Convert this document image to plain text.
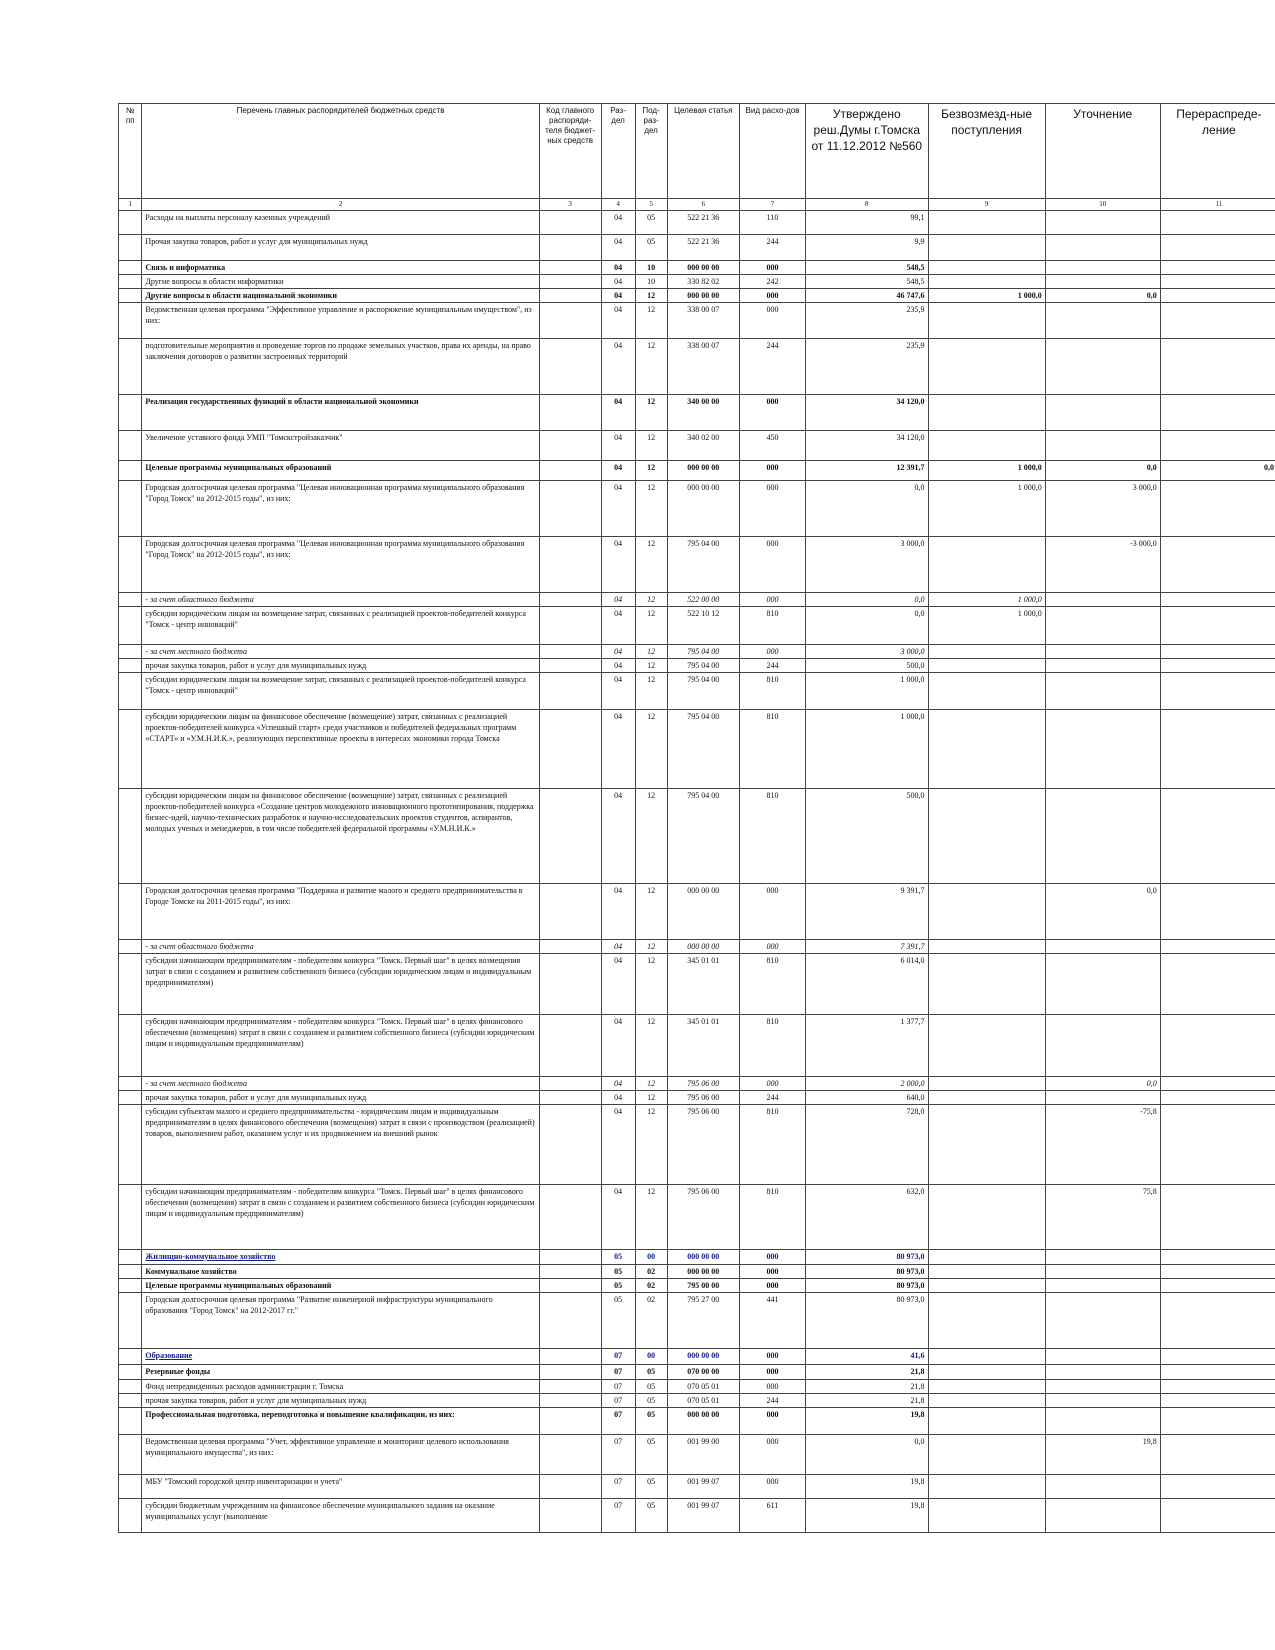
№ пп	Перечень главных распорядителей бюджетных средств	Код главного распоряди-теля бюджет-ных средств	Раз-дел	Под-раз-дел	Целевая статья	Вид расхо-дов	Утверждено реш.Думы г.Томска от 11.12.2012 №560	Безвозмезд-ные поступления	Уточнение	Перераспреде-ление
1	2	3	4	5	6	7	8	9	10	11
	Расходы на выплаты персоналу казенных учреждений		04	05	522 21 36	110	99,1			
	Прочая закупка товаров, работ и услуг для муниципальных нужд		04	05	522 21 36	244	9,9			
	Связь и информатика		04	10	000 00 00	000	548,5			
	Другие вопросы в области информатики		04	10	330 82 02	242	548,5			
	Другие вопросы в области национальной экономики		04	12	000 00 00	000	46 747,6	1 000,0	0,0	
	Ведомственная целевая программа "Эффективное управление и распоряжение муниципальным имуществом", из них:		04	12	338 00 07	000	235,9			
	подготовительные мероприятия и проведение торгов по продаже земельных участков, права их аренды, на право заключения договоров о развитии застроенных территорий		04	12	338 00 07	244	235,9			
	Реализация государственных функций в области национальной экономики		04	12	340 00 00	000	34 120,0			
	Увеличение уставного фонда УМП "Томскстройзаказчик"		04	12	340 02 00	450	34 120,0			
	Целевые программы муниципальных образований		04	12	000 00 00	000	12 391,7	1 000,0	0,0	0,0
	Городская долгосрочная целевая программа "Целевая инновационная программа муниципального образования "Город Томск" на 2012-2015 годы", из них:		04	12	000 00 00	000	0,0	1 000,0	3 000,0	
	Городская долгосрочная целевая программа "Целевая инновационная программа муниципального образования "Город Томск" на 2012-2015 годы", из них:		04	12	795 04 00	000	3 000,0		-3 000,0	
	- за счет областного бюджета		04	12	522 00 00	000	0,0	1 000,0		
	субсидии юридическим лицам на возмещение затрат, связанных с реализацией проектов-победителей конкурса "Томск - центр инноваций"		04	12	522 10 12	810	0,0	1 000,0		
	- за счет местного бюджета		04	12	795 04 00	000	3 000,0			
	прочая закупка товаров, работ и услуг для муниципальных нужд		04	12	795 04 00	244	500,0			
	субсидии юридическим лицам на возмещение затрат, связанных с реализацией проектов-победителей конкурса "Томск - центр инноваций"		04	12	795 04 00	810	1 000,0			
	субсидии юридическим лицам на финансовое обеспечение (возмещение) затрат, связанных с реализацией проектов-победителей конкурса «Успешный старт» среди участников и победителей федеральных программ «СТАРТ» и «У.М.Н.И.К.», реализующих перспективные проекты в интересах экономики города Томска		04	12	795 04 00	810	1 000,0			
	субсидии юридическим лицам на финансовое обеспечение (возмещение) затрат, связанных с реализацией проектов-победителей конкурса «Создание центров молодежного инновационного прототипирования, поддержка бизнес-идей, научно-технических разработок и научно-исследовательских проектов студентов, аспирантов, молодых ученых и менеджеров, в том числе победителей федеральной программы «У.М.Н.И.К.»		04	12	795 04 00	810	500,0			
	Городская долгосрочная целевая программа "Поддержка и развитие малого и среднего предпринимательства в Городе Томске на 2011-2015 годы", из них:		04	12	000 00 00	000	9 391,7		0,0	
	- за счет областного бюджета		04	12	000 00 00	000	7 391,7			
	субсидии начинающим предпринимателям - победителям конкурса "Томск. Первый шаг" в целях возмещения затрат в связи с созданием и развитием собственного бизнеса (субсидии юридическим лицам и индивидуальным предпринимателям)		04	12	345 01 01	810	6 014,0			
	субсидии начинающим предпринимателям - победителям конкурса "Томск. Первый шаг" в целях финансового обеспечения (возмещения) затрат в связи с созданием и развитием собственного бизнеса (субсидии юридическим лицам и индивидуальным предпринимателям)		04	12	345 01 01	810	1 377,7			
	- за счет местного бюджета		04	12	795 06 00	000	2 000,0		0,0	
	прочая закупка товаров, работ и услуг для муниципальных нужд		04	12	795 06 00	244	640,0			
	субсидии субъектам малого и среднего предпринимательства - юридическим лицам и индивидуальным предпринимателям в целях финансового обеспечения (возмещения) затрат в связи с производством (реализацией) товаров, выполнением работ, оказанием услуг и их продвижением на внешний рынок		04	12	795 06 00	810	728,0		-75,8	
	субсидии начинающим предпринимателям - победителям конкурса "Томск. Первый шаг" в целях финансового обеспечения (возмещения) затрат в связи с созданием и развитием собственного бизнеса (субсидии юридическим лицам и индивидуальным предпринимателям)		04	12	795 06 00	810	632,0		75,8	
	Жилищно-коммунальное хозяйство		05	00	000 00 00	000	80 973,0			
	Коммунальное хозяйство		05	02	000 00 00	000	80 973,0			
	Целевые программы муниципальных образований		05	02	795 00 00	000	80 973,0			
	Городская долгосрочная целевая программа "Развитие инженерной инфраструктуры муниципального образования "Город Томск" на 2012-2017 гг."		05	02	795 27 00	441	80 973,0			
	Образование		07	00	000 00 00	000	41,6			
	Резервные фонды		07	05	070 00 00	000	21,8			
	Фонд непредвиденных расходов администрации г. Томска		07	05	070 05 01	000	21,8			
	прочая закупка товаров, работ и услуг для муниципальных нужд		07	05	070 05 01	244	21,8			
	Профессиональная подготовка, переподготовка и повышение квалификации, из них:		07	05	000 00 00	000	19,8			
	Ведомственная целевая программа "Учет, эффективное управление и мониторинг целевого использования муниципального имущества", из них:		07	05	001 99 00	000	0,0		19,8	
	МБУ "Томский городской центр инвентаризации и учета"		07	05	001 99 07	000	19,8			
	субсидии бюджетным учреждениям на финансовое обеспечение муниципального задания на оказание муниципальных услуг (выполнение		07	05	001 99 07	611	19,8			
